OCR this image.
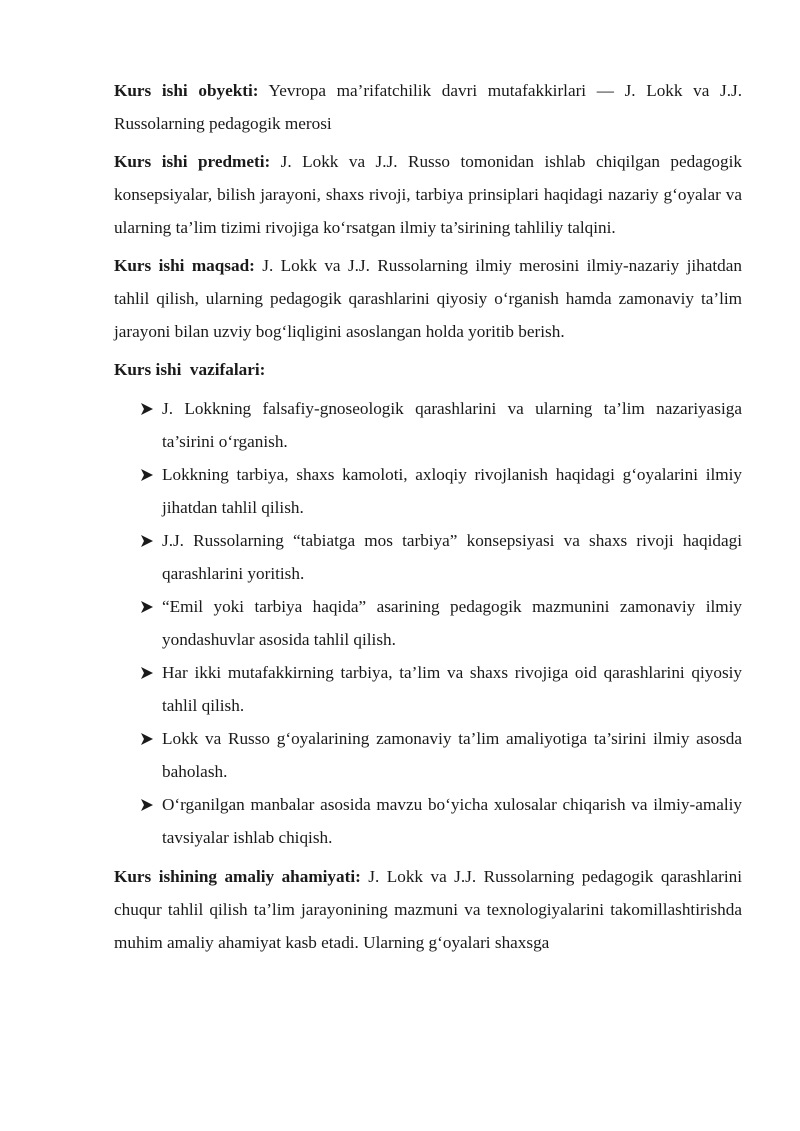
Kurs ishi obyekti: Yevropa ma’rifatchilik davri mutafakkirlari — J. Lokk va J.J. Russolarning pedagogik merosi

Kurs ishi predmeti: J. Lokk va J.J. Russo tomonidan ishlab chiqilgan pedagogik konsepsiyalar, bilish jarayoni, shaxs rivoji, tarbiya prinsiplari haqidagi nazariy g‘oyalar va ularning ta’lim tizimi rivojiga ko‘rsatgan ilmiy ta’sirining tahliliy talqini.

Kurs ishi maqsad: J. Lokk va J.J. Russolarning ilmiy merosini ilmiy-nazariy jihatdan tahlil qilish, ularning pedagogik qarashlarini qiyosiy o‘rganish hamda zamonaviy ta’lim jarayoni bilan uzviy bog‘liqligini asoslangan holda yoritib berish.

Kurs ishi  vazifalari:

J. Lokkning falsafiy-gnoseologik qarashlarini va ularning ta’lim nazariyasiga ta’sirini o‘rganish.
Lokkning tarbiya, shaxs kamoloti, axloqiy rivojlanish haqidagi g‘oyalarini ilmiy jihatdan tahlil qilish.
J.J. Russolarning “tabiatga mos tarbiya” konsepsiyasi va shaxs rivoji haqidagi qarashlarini yoritish.
“Emil yoki tarbiya haqida” asarining pedagogik mazmunini zamonaviy ilmiy yondashuvlar asosida tahlil qilish.
Har ikki mutafakkirning tarbiya, ta’lim va shaxs rivojiga oid qarashlarini qiyosiy tahlil qilish.
Lokk va Russo g‘oyalarining zamonaviy ta’lim amaliyotiga ta’sirini ilmiy asosda baholash.
O‘rganilgan manbalar asosida mavzu bo‘yicha xulosalar chiqarish va ilmiy-amaliy tavsiyalar ishlab chiqish.

Kurs ishining amaliy ahamiyati: J. Lokk va J.J. Russolarning pedagogik qarashlarini chuqur tahlil qilish ta’lim jarayonining mazmuni va texnologiyalarini takomillashtirishda muhim amaliy ahamiyat kasb etadi. Ularning g‘oyalari shaxsga
